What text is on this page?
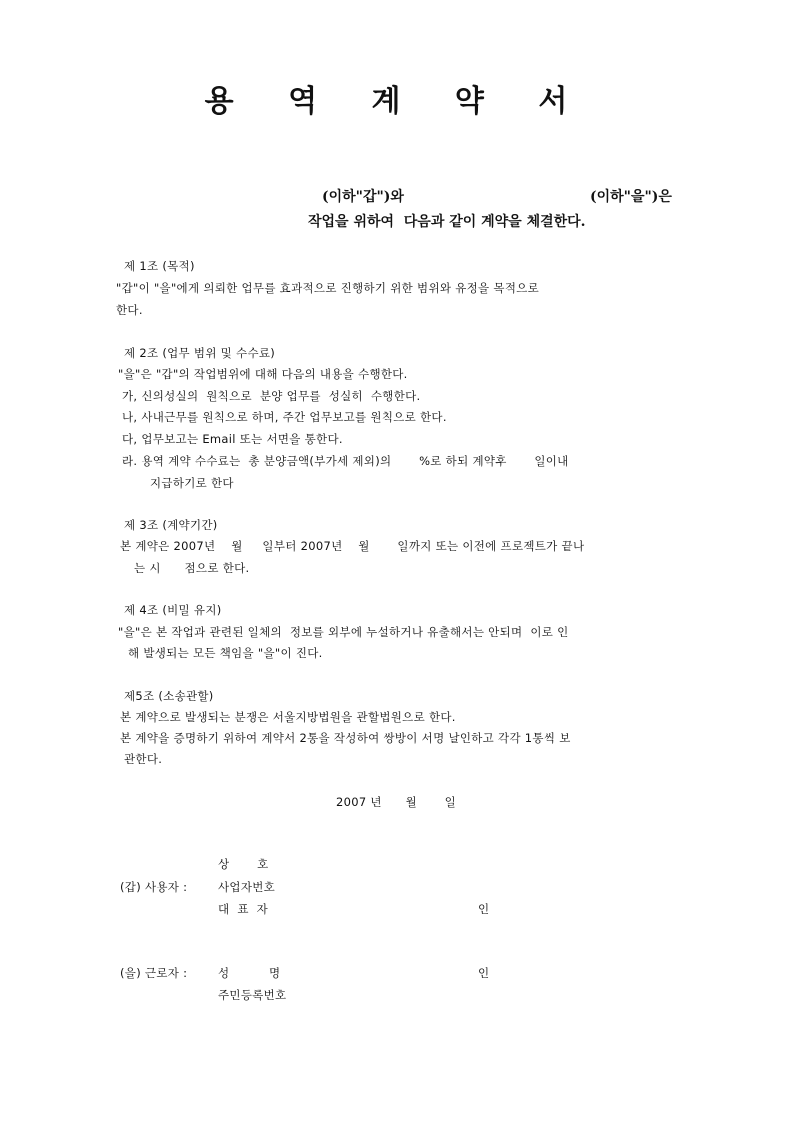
용 역 계 약 서
(이하"갑")와	(이하"을")은
작업을 위하여  다음과 같이 계약을 체결한다.
제 1조 (목적)
"갑"이 "을"에게 의뢰한 업무를 효과적으로 진행하기 위한 범위와 유정을 목적으로
한다.
제 2조 (업무 범위 및 수수료)
"을"은 "갑"의 작업범위에 대해 다음의 내용을 수행한다.
가, 신의성실의  원칙으로  분양 업무를  성실히  수행한다.
나, 사내근무를 원칙으로 하며, 주간 업무보고를 원칙으로 한다.
다, 업무보고는 Email 또는 서면을 통한다.
라. 용역 계약 수수료는  총 분양금액(부가세 제외)의       %로 하되 계약후       일이내
지급하기로 한다
제 3조 (계약기간)
본 계약은 2007년    월     일부터 2007년    월       일까지 또는 이전에 프로젝트가 끝나
는 시      점으로 한다.
제 4조 (비밀 유지)
"을"은 본 작업과 관련된 일체의  정보를 외부에 누설하거나 유출해서는 안되며  이로 인
해 발생되는 모든 책임을 "을"이 진다.
제5조 (소송관할)
본 계약으로 발생되는 분쟁은 서울지방법원을 관할법원으로 한다.
본 계약을 증명하기 위하여 계약서 2통을 작성하여 쌍방이 서명 날인하고 각각 1통씩 보
관한다.
2007 년      월       일
상       호
(갑) 사용자 :	사업자번호
대  표  자	인
(을) 근로자 :	성          명	인
주민등록번호
